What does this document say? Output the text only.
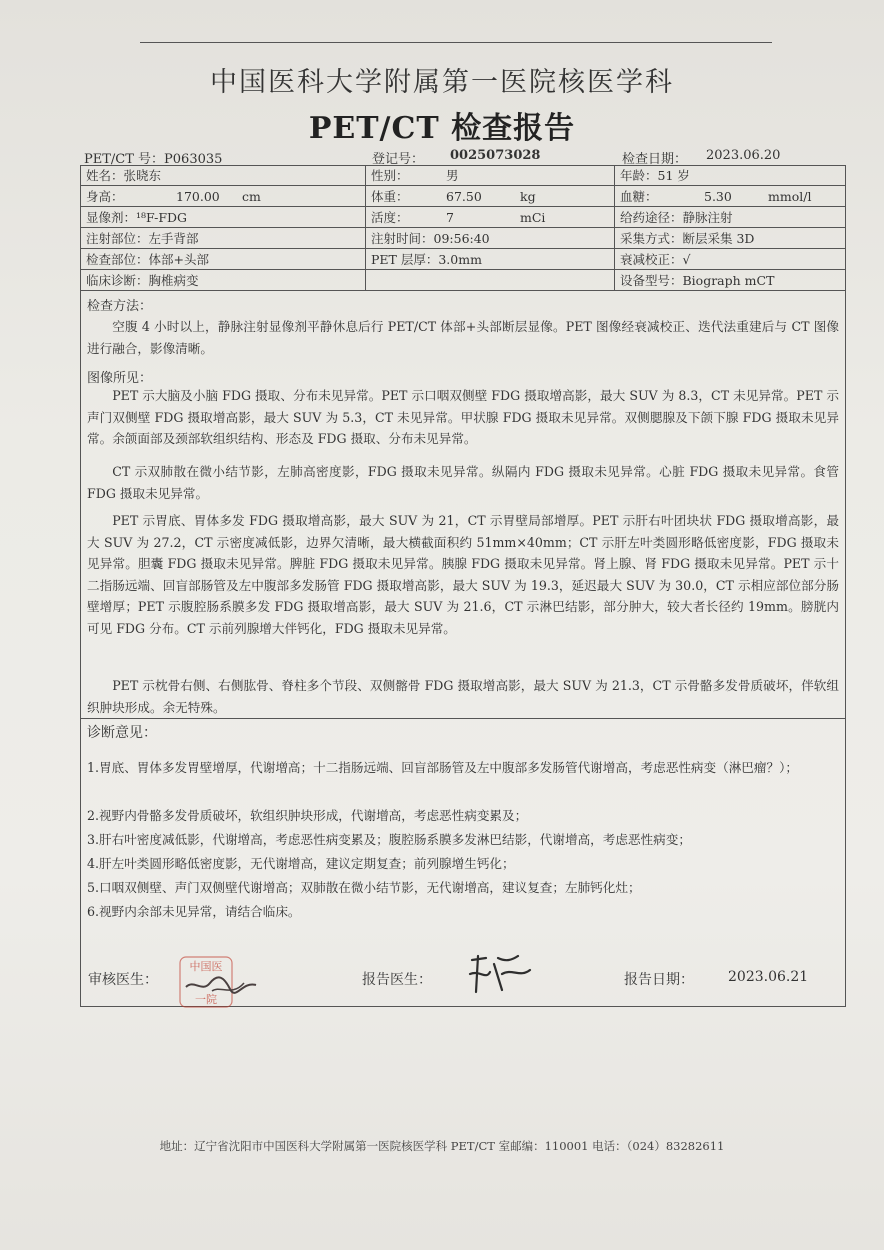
中国医科大学附属第一医院核医学科
PET/CT 检查报告
PET/CT 号：P063035	登记号： 0025073028	检查日期： 2023.06.20
姓名：张晓东	性别：	男	年龄：51 岁
身高：	170.00 cm	体重：	67.50	kg	血糖：	5.30	mmol/l
显像剂：¹⁸F-FDG	活度：	7	mCi	给药途径：静脉注射
注射部位：左手背部	注射时间：09:56:40	采集方式：断层采集 3D
检查部位：体部+头部	PET 层厚：3.0mm	衰减校正：√
临床诊断：胸椎病变	设备型号：Biograph mCT
检查方法：
空腹 4 小时以上，静脉注射显像剂平静休息后行 PET/CT 体部+头部断层显像。PET 图像经衰减校正、迭代法重建后与 CT 图像进行融合，影像清晰。
图像所见：
PET 示大脑及小脑 FDG 摄取、分布未见异常。PET 示口咽双侧壁 FDG 摄取增高影，最大 SUV 为 8.3，CT 未见异常。PET 示声门双侧壁 FDG 摄取增高影，最大 SUV 为 5.3，CT 未见异常。甲状腺 FDG 摄取未见异常。双侧腮腺及下颌下腺 FDG 摄取未见异常。余颌面部及颈部软组织结构、形态及 FDG 摄取、分布未见异常。
CT 示双肺散在微小结节影，左肺高密度影，FDG 摄取未见异常。纵隔内 FDG 摄取未见异常。心脏 FDG 摄取未见异常。食管 FDG 摄取未见异常。
PET 示胃底、胃体多发 FDG 摄取增高影，最大 SUV 为 21，CT 示胃壁局部增厚。PET 示肝右叶团块状 FDG 摄取增高影，最大 SUV 为 27.2，CT 示密度减低影，边界欠清晰，最大横截面积约 51mm×40mm；CT 示肝左叶类圆形略低密度影，FDG 摄取未见异常。胆囊 FDG 摄取未见异常。脾脏 FDG 摄取未见异常。胰腺 FDG 摄取未见异常。肾上腺、肾 FDG 摄取未见异常。PET 示十二指肠远端、回盲部肠管及左中腹部多发肠管 FDG 摄取增高影，最大 SUV 为 19.3，延迟最大 SUV 为 30.0，CT 示相应部位部分肠壁增厚；PET 示腹腔肠系膜多发 FDG 摄取增高影，最大 SUV 为 21.6，CT 示淋巴结影，部分肿大，较大者长径约 19mm。膀胱内可见 FDG 分布。CT 示前列腺增大伴钙化，FDG 摄取未见异常。
PET 示枕骨右侧、右侧肱骨、脊柱多个节段、双侧髂骨 FDG 摄取增高影，最大 SUV 为 21.3，CT 示骨骼多发骨质破坏，伴软组织肿块形成。余无特殊。
诊断意见：
1.胃底、胃体多发胃壁增厚，代谢增高；十二指肠远端、回盲部肠管及左中腹部多发肠管代谢增高，考虑恶性病变（淋巴瘤？）；
2.视野内骨骼多发骨质破坏，软组织肿块形成，代谢增高，考虑恶性病变累及；
3.肝右叶密度减低影，代谢增高，考虑恶性病变累及；腹腔肠系膜多发淋巴结影，代谢增高，考虑恶性病变；
4.肝左叶类圆形略低密度影，无代谢增高，建议定期复查；前列腺增生钙化；
5.口咽双侧壁、声门双侧壁代谢增高；双肺散在微小结节影，无代谢增高，建议复查；左肺钙化灶；
6.视野内余部未见异常，请结合临床。
审核医生：
中国医
一院
报告医生：	报告日期： 2023.06.21
地址：辽宁省沈阳市中国医科大学附属第一医院核医学科 PET/CT 室邮编：110001 电话：（024）83282611
